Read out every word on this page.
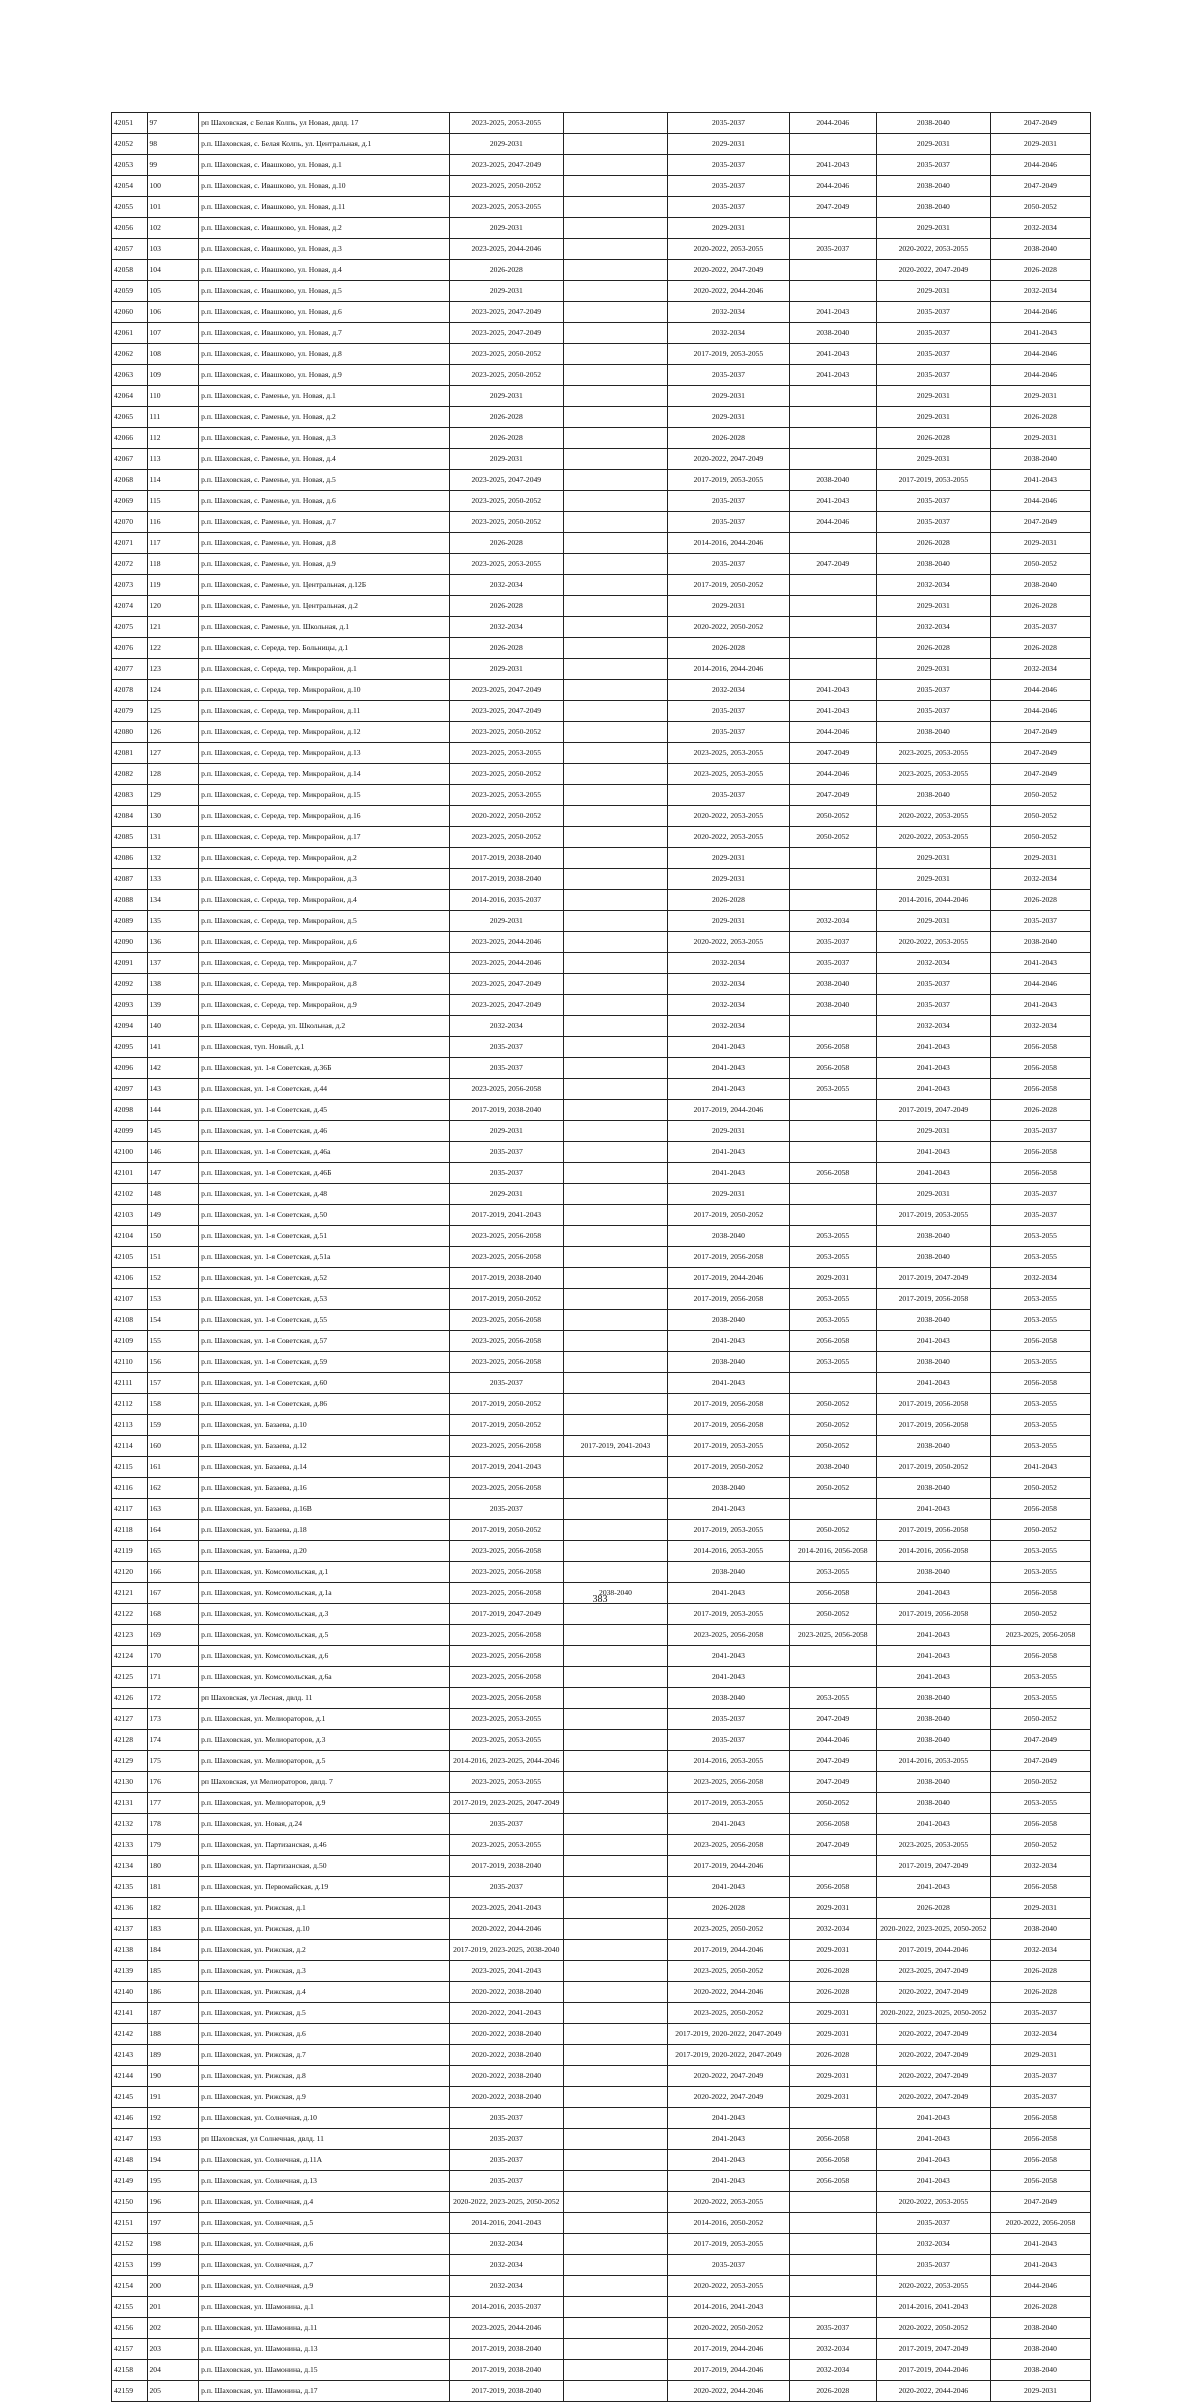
42051	97	рп Шаховская, с Белая Колпь, ул Новая, двлд. 17	2023-2025, 2053-2055		2035-2037	2044-2046	2038-2040	2047-2049
42052	98	р.п. Шаховская, с. Белая Колпь, ул. Центральная, д.1	2029-2031		2029-2031		2029-2031	2029-2031
42053	99	р.п. Шаховская, с. Ивашково, ул. Новая, д.1	2023-2025, 2047-2049		2035-2037	2041-2043	2035-2037	2044-2046
42054	100	р.п. Шаховская, с. Ивашково, ул. Новая, д.10	2023-2025, 2050-2052		2035-2037	2044-2046	2038-2040	2047-2049
42055	101	р.п. Шаховская, с. Ивашково, ул. Новая, д.11	2023-2025, 2053-2055		2035-2037	2047-2049	2038-2040	2050-2052
42056	102	р.п. Шаховская, с. Ивашково, ул. Новая, д.2	2029-2031		2029-2031		2029-2031	2032-2034
42057	103	р.п. Шаховская, с. Ивашково, ул. Новая, д.3	2023-2025, 2044-2046		2020-2022, 2053-2055	2035-2037	2020-2022, 2053-2055	2038-2040
42058	104	р.п. Шаховская, с. Ивашково, ул. Новая, д.4	2026-2028		2020-2022, 2047-2049		2020-2022, 2047-2049	2026-2028
42059	105	р.п. Шаховская, с. Ивашково, ул. Новая, д.5	2029-2031		2020-2022, 2044-2046		2029-2031	2032-2034
42060	106	р.п. Шаховская, с. Ивашково, ул. Новая, д.6	2023-2025, 2047-2049		2032-2034	2041-2043	2035-2037	2044-2046
42061	107	р.п. Шаховская, с. Ивашково, ул. Новая, д.7	2023-2025, 2047-2049		2032-2034	2038-2040	2035-2037	2041-2043
42062	108	р.п. Шаховская, с. Ивашково, ул. Новая, д.8	2023-2025, 2050-2052		2017-2019, 2053-2055	2041-2043	2035-2037	2044-2046
42063	109	р.п. Шаховская, с. Ивашково, ул. Новая, д.9	2023-2025, 2050-2052		2035-2037	2041-2043	2035-2037	2044-2046
42064	110	р.п. Шаховская, с. Раменье, ул. Новая, д.1	2029-2031		2029-2031		2029-2031	2029-2031
42065	111	р.п. Шаховская, с. Раменье, ул. Новая, д.2	2026-2028		2029-2031		2029-2031	2026-2028
42066	112	р.п. Шаховская, с. Раменье, ул. Новая, д.3	2026-2028		2026-2028		2026-2028	2029-2031
42067	113	р.п. Шаховская, с. Раменье, ул. Новая, д.4	2029-2031		2020-2022, 2047-2049		2029-2031	2038-2040
42068	114	р.п. Шаховская, с. Раменье, ул. Новая, д.5	2023-2025, 2047-2049		2017-2019, 2053-2055	2038-2040	2017-2019, 2053-2055	2041-2043
42069	115	р.п. Шаховская, с. Раменье, ул. Новая, д.6	2023-2025, 2050-2052		2035-2037	2041-2043	2035-2037	2044-2046
42070	116	р.п. Шаховская, с. Раменье, ул. Новая, д.7	2023-2025, 2050-2052		2035-2037	2044-2046	2035-2037	2047-2049
42071	117	р.п. Шаховская, с. Раменье, ул. Новая, д.8	2026-2028		2014-2016, 2044-2046		2026-2028	2029-2031
42072	118	р.п. Шаховская, с. Раменье, ул. Новая, д.9	2023-2025, 2053-2055		2035-2037	2047-2049	2038-2040	2050-2052
42073	119	р.п. Шаховская, с. Раменье, ул. Центральная, д.12Б	2032-2034		2017-2019, 2050-2052		2032-2034	2038-2040
42074	120	р.п. Шаховская, с. Раменье, ул. Центральная, д.2	2026-2028		2029-2031		2029-2031	2026-2028
42075	121	р.п. Шаховская, с. Раменье, ул. Школьная, д.1	2032-2034		2020-2022, 2050-2052		2032-2034	2035-2037
42076	122	р.п. Шаховская, с. Середа, тер. Больницы, д.1	2026-2028		2026-2028		2026-2028	2026-2028
42077	123	р.п. Шаховская, с. Середа, тер. Микрорайон, д.1	2029-2031		2014-2016, 2044-2046		2029-2031	2032-2034
42078	124	р.п. Шаховская, с. Середа, тер. Микрорайон, д.10	2023-2025, 2047-2049		2032-2034	2041-2043	2035-2037	2044-2046
42079	125	р.п. Шаховская, с. Середа, тер. Микрорайон, д.11	2023-2025, 2047-2049		2035-2037	2041-2043	2035-2037	2044-2046
42080	126	р.п. Шаховская, с. Середа, тер. Микрорайон, д.12	2023-2025, 2050-2052		2035-2037	2044-2046	2038-2040	2047-2049
42081	127	р.п. Шаховская, с. Середа, тер. Микрорайон, д.13	2023-2025, 2053-2055		2023-2025, 2053-2055	2047-2049	2023-2025, 2053-2055	2047-2049
42082	128	р.п. Шаховская, с. Середа, тер. Микрорайон, д.14	2023-2025, 2050-2052		2023-2025, 2053-2055	2044-2046	2023-2025, 2053-2055	2047-2049
42083	129	р.п. Шаховская, с. Середа, тер. Микрорайон, д.15	2023-2025, 2053-2055		2035-2037	2047-2049	2038-2040	2050-2052
42084	130	р.п. Шаховская, с. Середа, тер. Микрорайон, д.16	2020-2022, 2050-2052		2020-2022, 2053-2055	2050-2052	2020-2022, 2053-2055	2050-2052
42085	131	р.п. Шаховская, с. Середа, тер. Микрорайон, д.17	2023-2025, 2050-2052		2020-2022, 2053-2055	2050-2052	2020-2022, 2053-2055	2050-2052
42086	132	р.п. Шаховская, с. Середа, тер. Микрорайон, д.2	2017-2019, 2038-2040		2029-2031		2029-2031	2029-2031
42087	133	р.п. Шаховская, с. Середа, тер. Микрорайон, д.3	2017-2019, 2038-2040		2029-2031		2029-2031	2032-2034
42088	134	р.п. Шаховская, с. Середа, тер. Микрорайон, д.4	2014-2016, 2035-2037		2026-2028		2014-2016, 2044-2046	2026-2028
42089	135	р.п. Шаховская, с. Середа, тер. Микрорайон, д.5	2029-2031		2029-2031	2032-2034	2029-2031	2035-2037
42090	136	р.п. Шаховская, с. Середа, тер. Микрорайон, д.6	2023-2025, 2044-2046		2020-2022, 2053-2055	2035-2037	2020-2022, 2053-2055	2038-2040
42091	137	р.п. Шаховская, с. Середа, тер. Микрорайон, д.7	2023-2025, 2044-2046		2032-2034	2035-2037	2032-2034	2041-2043
42092	138	р.п. Шаховская, с. Середа, тер. Микрорайон, д.8	2023-2025, 2047-2049		2032-2034	2038-2040	2035-2037	2044-2046
42093	139	р.п. Шаховская, с. Середа, тер. Микрорайон, д.9	2023-2025, 2047-2049		2032-2034	2038-2040	2035-2037	2041-2043
42094	140	р.п. Шаховская, с. Середа, ул. Школьная, д.2	2032-2034		2032-2034		2032-2034	2032-2034
42095	141	р.п. Шаховская, туп. Новый, д.1	2035-2037		2041-2043	2056-2058	2041-2043	2056-2058
42096	142	р.п. Шаховская, ул. 1-я Советская, д.36Б	2035-2037		2041-2043	2056-2058	2041-2043	2056-2058
42097	143	р.п. Шаховская, ул. 1-я Советская, д.44	2023-2025, 2056-2058		2041-2043	2053-2055	2041-2043	2056-2058
42098	144	р.п. Шаховская, ул. 1-я Советская, д.45	2017-2019, 2038-2040		2017-2019, 2044-2046		2017-2019, 2047-2049	2026-2028
42099	145	р.п. Шаховская, ул. 1-я Советская, д.46	2029-2031		2029-2031		2029-2031	2035-2037
42100	146	р.п. Шаховская, ул. 1-я Советская, д.46а	2035-2037		2041-2043		2041-2043	2056-2058
42101	147	р.п. Шаховская, ул. 1-я Советская, д.46Б	2035-2037		2041-2043	2056-2058	2041-2043	2056-2058
42102	148	р.п. Шаховская, ул. 1-я Советская, д.48	2029-2031		2029-2031		2029-2031	2035-2037
42103	149	р.п. Шаховская, ул. 1-я Советская, д.50	2017-2019, 2041-2043		2017-2019, 2050-2052		2017-2019, 2053-2055	2035-2037
42104	150	р.п. Шаховская, ул. 1-я Советская, д.51	2023-2025, 2056-2058		2038-2040	2053-2055	2038-2040	2053-2055
42105	151	р.п. Шаховская, ул. 1-я Советская, д.51а	2023-2025, 2056-2058		2017-2019, 2056-2058	2053-2055	2038-2040	2053-2055
42106	152	р.п. Шаховская, ул. 1-я Советская, д.52	2017-2019, 2038-2040		2017-2019, 2044-2046	2029-2031	2017-2019, 2047-2049	2032-2034
42107	153	р.п. Шаховская, ул. 1-я Советская, д.53	2017-2019, 2050-2052		2017-2019, 2056-2058	2053-2055	2017-2019, 2056-2058	2053-2055
42108	154	р.п. Шаховская, ул. 1-я Советская, д.55	2023-2025, 2056-2058		2038-2040	2053-2055	2038-2040	2053-2055
42109	155	р.п. Шаховская, ул. 1-я Советская, д.57	2023-2025, 2056-2058		2041-2043	2056-2058	2041-2043	2056-2058
42110	156	р.п. Шаховская, ул. 1-я Советская, д.59	2023-2025, 2056-2058		2038-2040	2053-2055	2038-2040	2053-2055
42111	157	р.п. Шаховская, ул. 1-я Советская, д.60	2035-2037		2041-2043		2041-2043	2056-2058
42112	158	р.п. Шаховская, ул. 1-я Советская, д.86	2017-2019, 2050-2052		2017-2019, 2056-2058	2050-2052	2017-2019, 2056-2058	2053-2055
42113	159	р.п. Шаховская, ул. Базаева, д.10	2017-2019, 2050-2052		2017-2019, 2056-2058	2050-2052	2017-2019, 2056-2058	2053-2055
42114	160	р.п. Шаховская, ул. Базаева, д.12	2023-2025, 2056-2058	2017-2019, 2041-2043	2017-2019, 2053-2055	2050-2052	2038-2040	2053-2055
42115	161	р.п. Шаховская, ул. Базаева, д.14	2017-2019, 2041-2043		2017-2019, 2050-2052	2038-2040	2017-2019, 2050-2052	2041-2043
42116	162	р.п. Шаховская, ул. Базаева, д.16	2023-2025, 2056-2058		2038-2040	2050-2052	2038-2040	2050-2052
42117	163	р.п. Шаховская, ул. Базаева, д.16В	2035-2037		2041-2043		2041-2043	2056-2058
42118	164	р.п. Шаховская, ул. Базаева, д.18	2017-2019, 2050-2052		2017-2019, 2053-2055	2050-2052	2017-2019, 2056-2058	2050-2052
42119	165	р.п. Шаховская, ул. Базаева, д.20	2023-2025, 2056-2058		2014-2016, 2053-2055	2014-2016, 2056-2058	2014-2016, 2056-2058	2053-2055
42120	166	р.п. Шаховская, ул. Комсомольская, д.1	2023-2025, 2056-2058		2038-2040	2053-2055	2038-2040	2053-2055
42121	167	р.п. Шаховская, ул. Комсомольская, д.1а	2023-2025, 2056-2058	2038-2040	2041-2043	2056-2058	2041-2043	2056-2058
42122	168	р.п. Шаховская, ул. Комсомольская, д.3	2017-2019, 2047-2049		2017-2019, 2053-2055	2050-2052	2017-2019, 2056-2058	2050-2052
42123	169	р.п. Шаховская, ул. Комсомольская, д.5	2023-2025, 2056-2058		2023-2025, 2056-2058	2023-2025, 2056-2058	2041-2043	2023-2025, 2056-2058
42124	170	р.п. Шаховская, ул. Комсомольская, д.6	2023-2025, 2056-2058		2041-2043		2041-2043	2056-2058
42125	171	р.п. Шаховская, ул. Комсомольская, д.6а	2023-2025, 2056-2058		2041-2043		2041-2043	2053-2055
42126	172	рп Шаховская, ул Лесная, двлд. 11	2023-2025, 2056-2058		2038-2040	2053-2055	2038-2040	2053-2055
42127	173	р.п. Шаховская, ул. Мелиораторов, д.1	2023-2025, 2053-2055		2035-2037	2047-2049	2038-2040	2050-2052
42128	174	р.п. Шаховская, ул. Мелиораторов, д.3	2023-2025, 2053-2055		2035-2037	2044-2046	2038-2040	2047-2049
42129	175	р.п. Шаховская, ул. Мелиораторов, д.5	2014-2016, 2023-2025, 2044-2046		2014-2016, 2053-2055	2047-2049	2014-2016, 2053-2055	2047-2049
42130	176	рп Шаховская, ул Мелиораторов, двлд. 7	2023-2025, 2053-2055		2023-2025, 2056-2058	2047-2049	2038-2040	2050-2052
42131	177	р.п. Шаховская, ул. Мелиораторов, д.9	2017-2019, 2023-2025, 2047-2049		2017-2019, 2053-2055	2050-2052	2038-2040	2053-2055
42132	178	р.п. Шаховская, ул. Новая, д.24	2035-2037		2041-2043	2056-2058	2041-2043	2056-2058
42133	179	р.п. Шаховская, ул. Партизанская, д.46	2023-2025, 2053-2055		2023-2025, 2056-2058	2047-2049	2023-2025, 2053-2055	2050-2052
42134	180	р.п. Шаховская, ул. Партизанская, д.50	2017-2019, 2038-2040		2017-2019, 2044-2046		2017-2019, 2047-2049	2032-2034
42135	181	р.п. Шаховская, ул. Первомайская, д.19	2035-2037		2041-2043	2056-2058	2041-2043	2056-2058
42136	182	р.п. Шаховская, ул. Рижская, д.1	2023-2025, 2041-2043		2026-2028	2029-2031	2026-2028	2029-2031
42137	183	р.п. Шаховская, ул. Рижская, д.10	2020-2022, 2044-2046		2023-2025, 2050-2052	2032-2034	2020-2022, 2023-2025, 2050-2052	2038-2040
42138	184	р.п. Шаховская, ул. Рижская, д.2	2017-2019, 2023-2025, 2038-2040		2017-2019, 2044-2046	2029-2031	2017-2019, 2044-2046	2032-2034
42139	185	р.п. Шаховская, ул. Рижская, д.3	2023-2025, 2041-2043		2023-2025, 2050-2052	2026-2028	2023-2025, 2047-2049	2026-2028
42140	186	р.п. Шаховская, ул. Рижская, д.4	2020-2022, 2038-2040		2020-2022, 2044-2046	2026-2028	2020-2022, 2047-2049	2026-2028
42141	187	р.п. Шаховская, ул. Рижская, д.5	2020-2022, 2041-2043		2023-2025, 2050-2052	2029-2031	2020-2022, 2023-2025, 2050-2052	2035-2037
42142	188	р.п. Шаховская, ул. Рижская, д.6	2020-2022, 2038-2040		2017-2019, 2020-2022, 2047-2049	2029-2031	2020-2022, 2047-2049	2032-2034
42143	189	р.п. Шаховская, ул. Рижская, д.7	2020-2022, 2038-2040		2017-2019, 2020-2022, 2047-2049	2026-2028	2020-2022, 2047-2049	2029-2031
42144	190	р.п. Шаховская, ул. Рижская, д.8	2020-2022, 2038-2040		2020-2022, 2047-2049	2029-2031	2020-2022, 2047-2049	2035-2037
42145	191	р.п. Шаховская, ул. Рижская, д.9	2020-2022, 2038-2040		2020-2022, 2047-2049	2029-2031	2020-2022, 2047-2049	2035-2037
42146	192	р.п. Шаховская, ул. Солнечная, д.10	2035-2037		2041-2043		2041-2043	2056-2058
42147	193	рп Шаховская, ул Солнечная, двлд. 11	2035-2037		2041-2043	2056-2058	2041-2043	2056-2058
42148	194	р.п. Шаховская, ул. Солнечная, д.11А	2035-2037		2041-2043	2056-2058	2041-2043	2056-2058
42149	195	р.п. Шаховская, ул. Солнечная, д.13	2035-2037		2041-2043	2056-2058	2041-2043	2056-2058
42150	196	р.п. Шаховская, ул. Солнечная, д.4	2020-2022, 2023-2025, 2050-2052		2020-2022, 2053-2055		2020-2022, 2053-2055	2047-2049
42151	197	р.п. Шаховская, ул. Солнечная, д.5	2014-2016, 2041-2043		2014-2016, 2050-2052		2035-2037	2020-2022, 2056-2058
42152	198	р.п. Шаховская, ул. Солнечная, д.6	2032-2034		2017-2019, 2053-2055		2032-2034	2041-2043
42153	199	р.п. Шаховская, ул. Солнечная, д.7	2032-2034		2035-2037		2035-2037	2041-2043
42154	200	р.п. Шаховская, ул. Солнечная, д.9	2032-2034		2020-2022, 2053-2055		2020-2022, 2053-2055	2044-2046
42155	201	р.п. Шаховская, ул. Шамонина, д.1	2014-2016, 2035-2037		2014-2016, 2041-2043		2014-2016, 2041-2043	2026-2028
42156	202	р.п. Шаховская, ул. Шамонина, д.11	2023-2025, 2044-2046		2020-2022, 2050-2052	2035-2037	2020-2022, 2050-2052	2038-2040
42157	203	р.п. Шаховская, ул. Шамонина, д.13	2017-2019, 2038-2040		2017-2019, 2044-2046	2032-2034	2017-2019, 2047-2049	2038-2040
42158	204	р.п. Шаховская, ул. Шамонина, д.15	2017-2019, 2038-2040		2017-2019, 2044-2046	2032-2034	2017-2019, 2044-2046	2038-2040
42159	205	р.п. Шаховская, ул. Шамонина, д.17	2017-2019, 2038-2040		2020-2022, 2044-2046	2026-2028	2020-2022, 2044-2046	2029-2031
383
